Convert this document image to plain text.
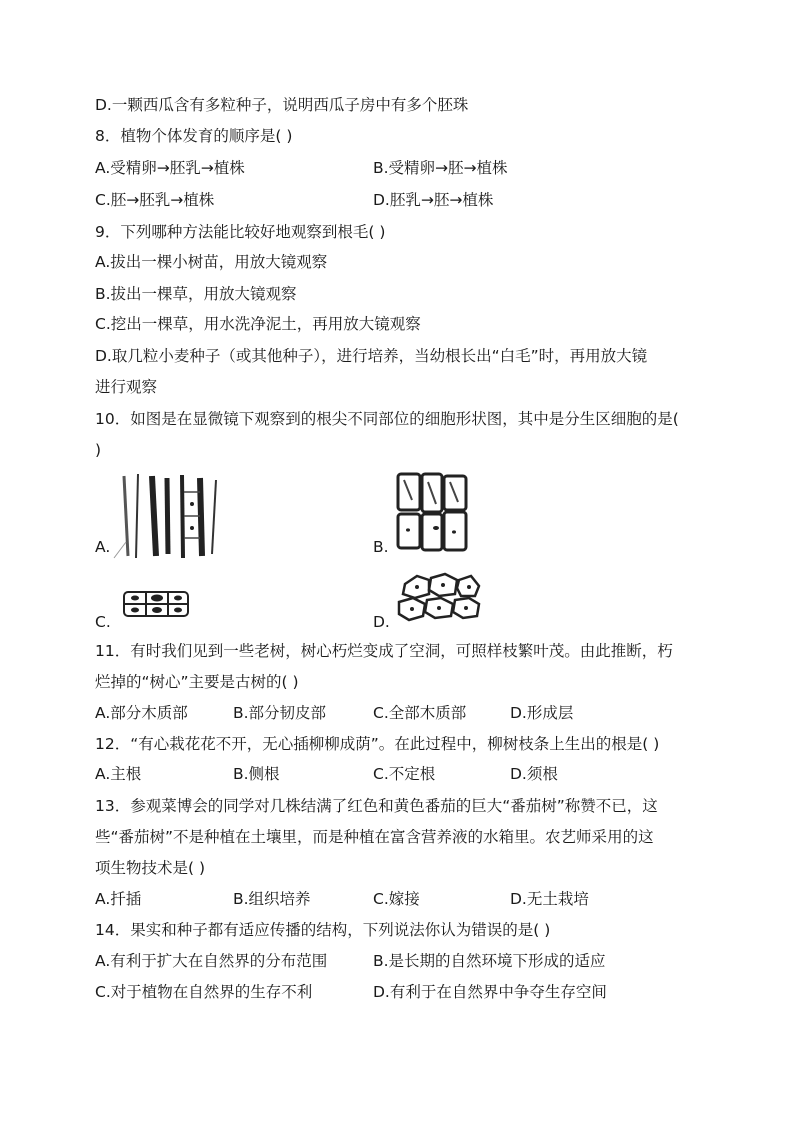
D.一颗西瓜含有多粒种子，说明西瓜子房中有多个胚珠
8．植物个体发育的顺序是( )
A.受精卵→胚乳→植株	B.受精卵→胚→植株
C.胚→胚乳→植株	D.胚乳→胚→植株
9．下列哪种方法能比较好地观察到根毛( )
A.拔出一棵小树苗，用放大镜观察
B.拔出一棵草，用放大镜观察
C.挖出一棵草，用水洗净泥土，再用放大镜观察
D.取几粒小麦种子（或其他种子），进行培养，当幼根长出“白毛”时，再用放大镜
进行观察
10．如图是在显微镜下观察到的根尖不同部位的细胞形状图，其中是分生区细胞的是(
)
A.	B.
C.	D.
11．有时我们见到一些老树，树心朽烂变成了空洞，可照样枝繁叶茂。由此推断，朽
烂掉的“树心”主要是古树的( )
A.部分木质部	B.部分韧皮部	C.全部木质部	D.形成层
12．“有心栽花花不开，无心插柳柳成荫”。在此过程中，柳树枝条上生出的根是( )
A.主根	B.侧根	C.不定根	D.须根
13．参观菜博会的同学对几株结满了红色和黄色番茄的巨大“番茄树”称赞不已，这
些“番茄树”不是种植在土壤里，而是种植在富含营养液的水箱里。农艺师采用的这
项生物技术是( )
A.扦插	B.组织培养	C.嫁接	D.无土栽培
14．果实和种子都有适应传播的结构，下列说法你认为错误的是( )
A.有利于扩大在自然界的分布范围	B.是长期的自然环境下形成的适应
C.对于植物在自然界的生存不利	D.有利于在自然界中争夺生存空间
